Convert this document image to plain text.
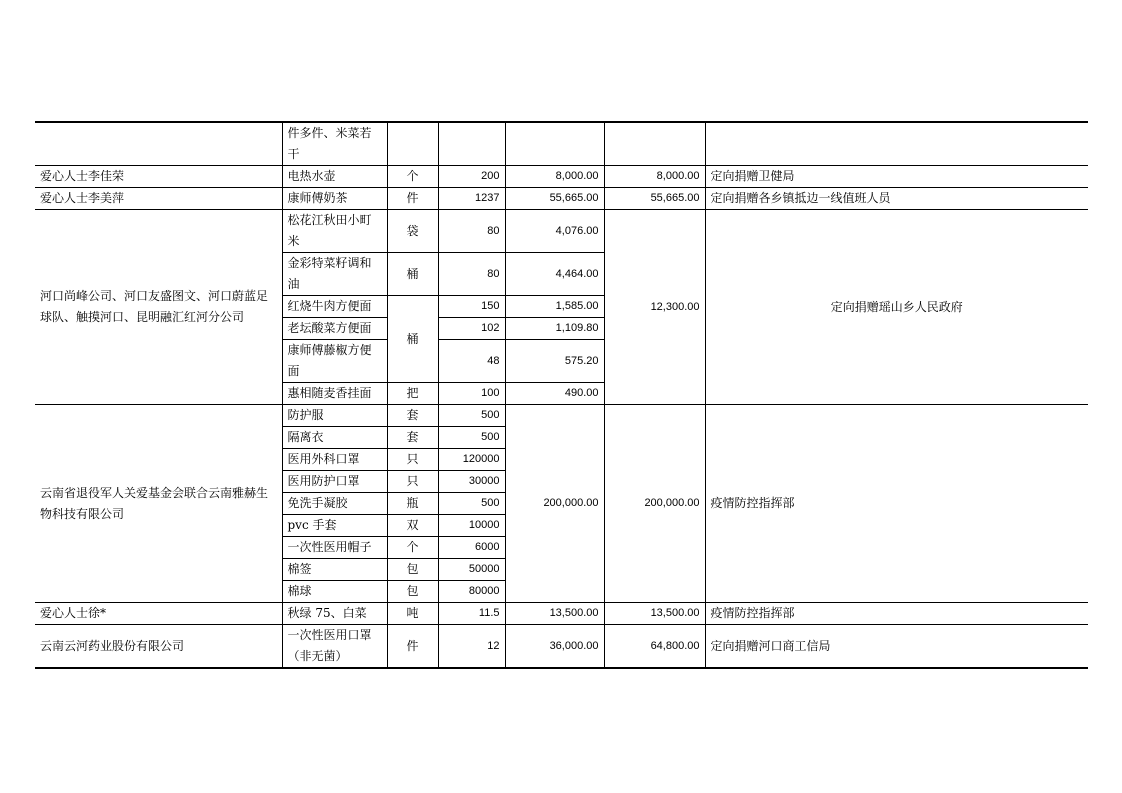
	件多件、米菜若干					
爱心人士李佳荣	电热水壶	个	200	8,000.00	8,000.00	定向捐赠卫健局
爱心人士李美萍	康师傅奶茶	件	1237	55,665.00	55,665.00	定向捐赠各乡镇抵边一线值班人员
河口尚峰公司、河口友盛图文、河口蔚蓝足球队、触摸河口、昆明融汇红河分公司	松花江秋田小町米	袋	80	4,076.00	12,300.00	定向捐赠瑶山乡人民政府
	金彩特菜籽调和油	桶	80	4,464.00		
	红烧牛肉方便面	桶	150	1,585.00		
	老坛酸菜方便面		102	1,109.80		
	康师傅藤椒方便面		48	575.20		
	惠相随麦香挂面	把	100	490.00		
云南省退役军人关爱基金会联合云南雅赫生物科技有限公司	防护服	套	500	200,000.00	200,000.00	疫情防控指挥部
	隔离衣	套	500			
	医用外科口罩	只	120000			
	医用防护口罩	只	30000			
	免洗手凝胶	瓶	500			
	pvc 手套	双	10000			
	一次性医用帽子	个	6000			
	棉签	包	50000			
	棉球	包	80000			
爱心人士徐*	秋绿 75、白菜	吨	11.5	13,500.00	13,500.00	疫情防控指挥部
云南云河药业股份有限公司	一次性医用口罩（非无菌）	件	12	36,000.00	64,800.00	定向捐赠河口商工信局
